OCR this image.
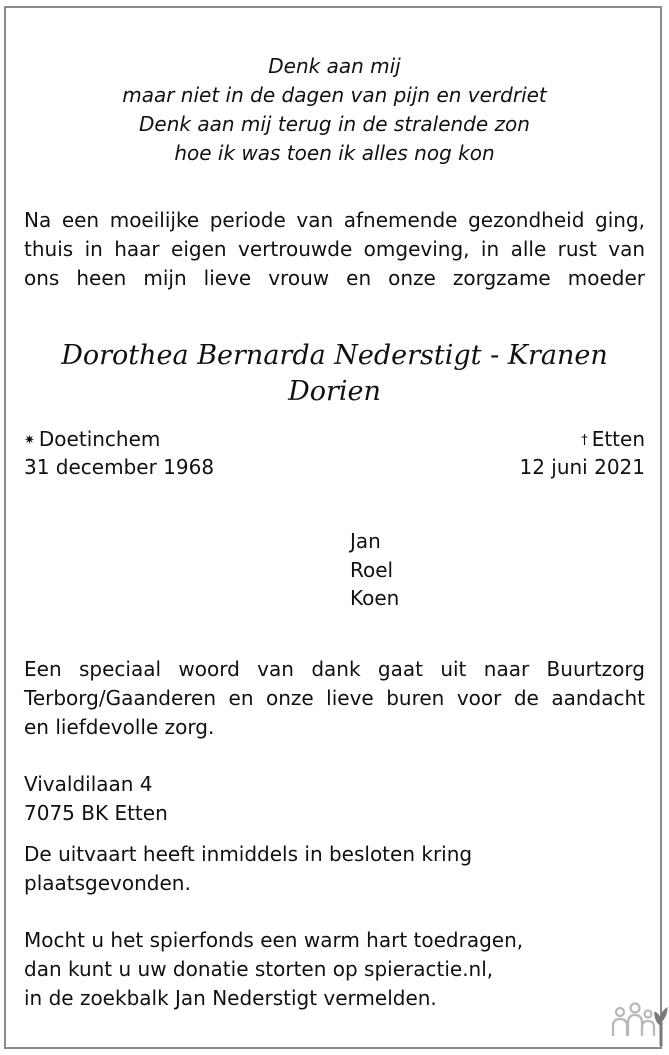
Denk aan mij
maar niet in de dagen van pijn en verdriet
Denk aan mij terug in de stralende zon
hoe ik was toen ik alles nog kon
Na een moeilijke periode van afnemende gezondheid ging,
thuis in haar eigen vertrouwde omgeving, in alle rust van
ons heen mijn lieve vrouw en onze zorgzame moeder
Dorothea Bernarda Nederstigt - Kranen
Dorien
✷ Doetinchem	† Etten
31 december 1968	12 juni 2021
Jan
Roel
Koen
Een speciaal woord van dank gaat uit naar Buurtzorg
Terborg/Gaanderen en onze lieve buren voor de aandacht
en liefdevolle zorg.
Vivaldilaan 4
7075 BK Etten
De uitvaart heeft inmiddels in besloten kring
plaatsgevonden.
Mocht u het spierfonds een warm hart toedragen,
dan kunt u uw donatie storten op spieractie.nl,
in de zoekbalk Jan Nederstigt vermelden.
